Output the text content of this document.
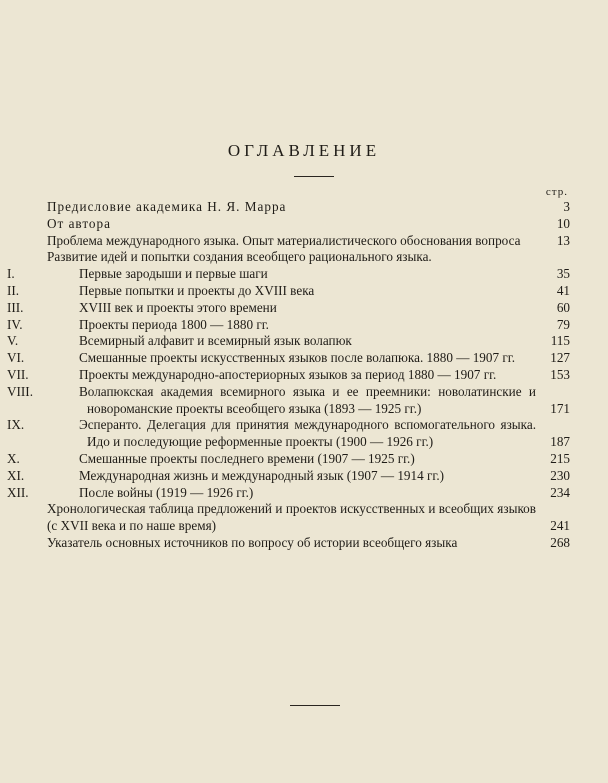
ОГЛАВЛЕНИЕ
стр.
Предисловие академика Н. Я. Марра	3
От автора	10
Проблема международного языка. Опыт материалистического обоснования вопроса	13
Развитие идей и попытки создания всеобщего рационального языка.
I.	Первые зародыши и первые шаги	35
II.	Первые попытки и проекты до XVIII века	41
III.	XVIII век и проекты этого времени	60
IV.	Проекты периода 1800 — 1880 гг.	79
V.	Всемирный алфавит и всемирный язык волапюк	115
VI.	Смешанные проекты искусственных языков после волапюка. 1880 — 1907 гг.	127
VII.	Проекты международно-апостериорных языков за период 1880 — 1907 гг.	153
VIII.	Волапюкская академия всемирного языка и ее преемники: новолатинские и новороманские проекты всеобщего языка (1893 — 1925 гг.)	171
IX.	Эсперанто. Делегация для принятия международного вспомогательного языка. Идо и последующие реформенные проекты (1900 — 1926 гг.)	187
X.	Смешанные проекты последнего времени (1907 — 1925 гг.)	215
XI.	Международная жизнь и международный язык (1907 — 1914 гг.)	230
XII.	После войны (1919 — 1926 гг.)	234
Хронологическая таблица предложений и проектов искусственных и всеобщих языков (с XVII века и по наше время)	241
Указатель основных источников по вопросу об истории всеобщего языка	268
